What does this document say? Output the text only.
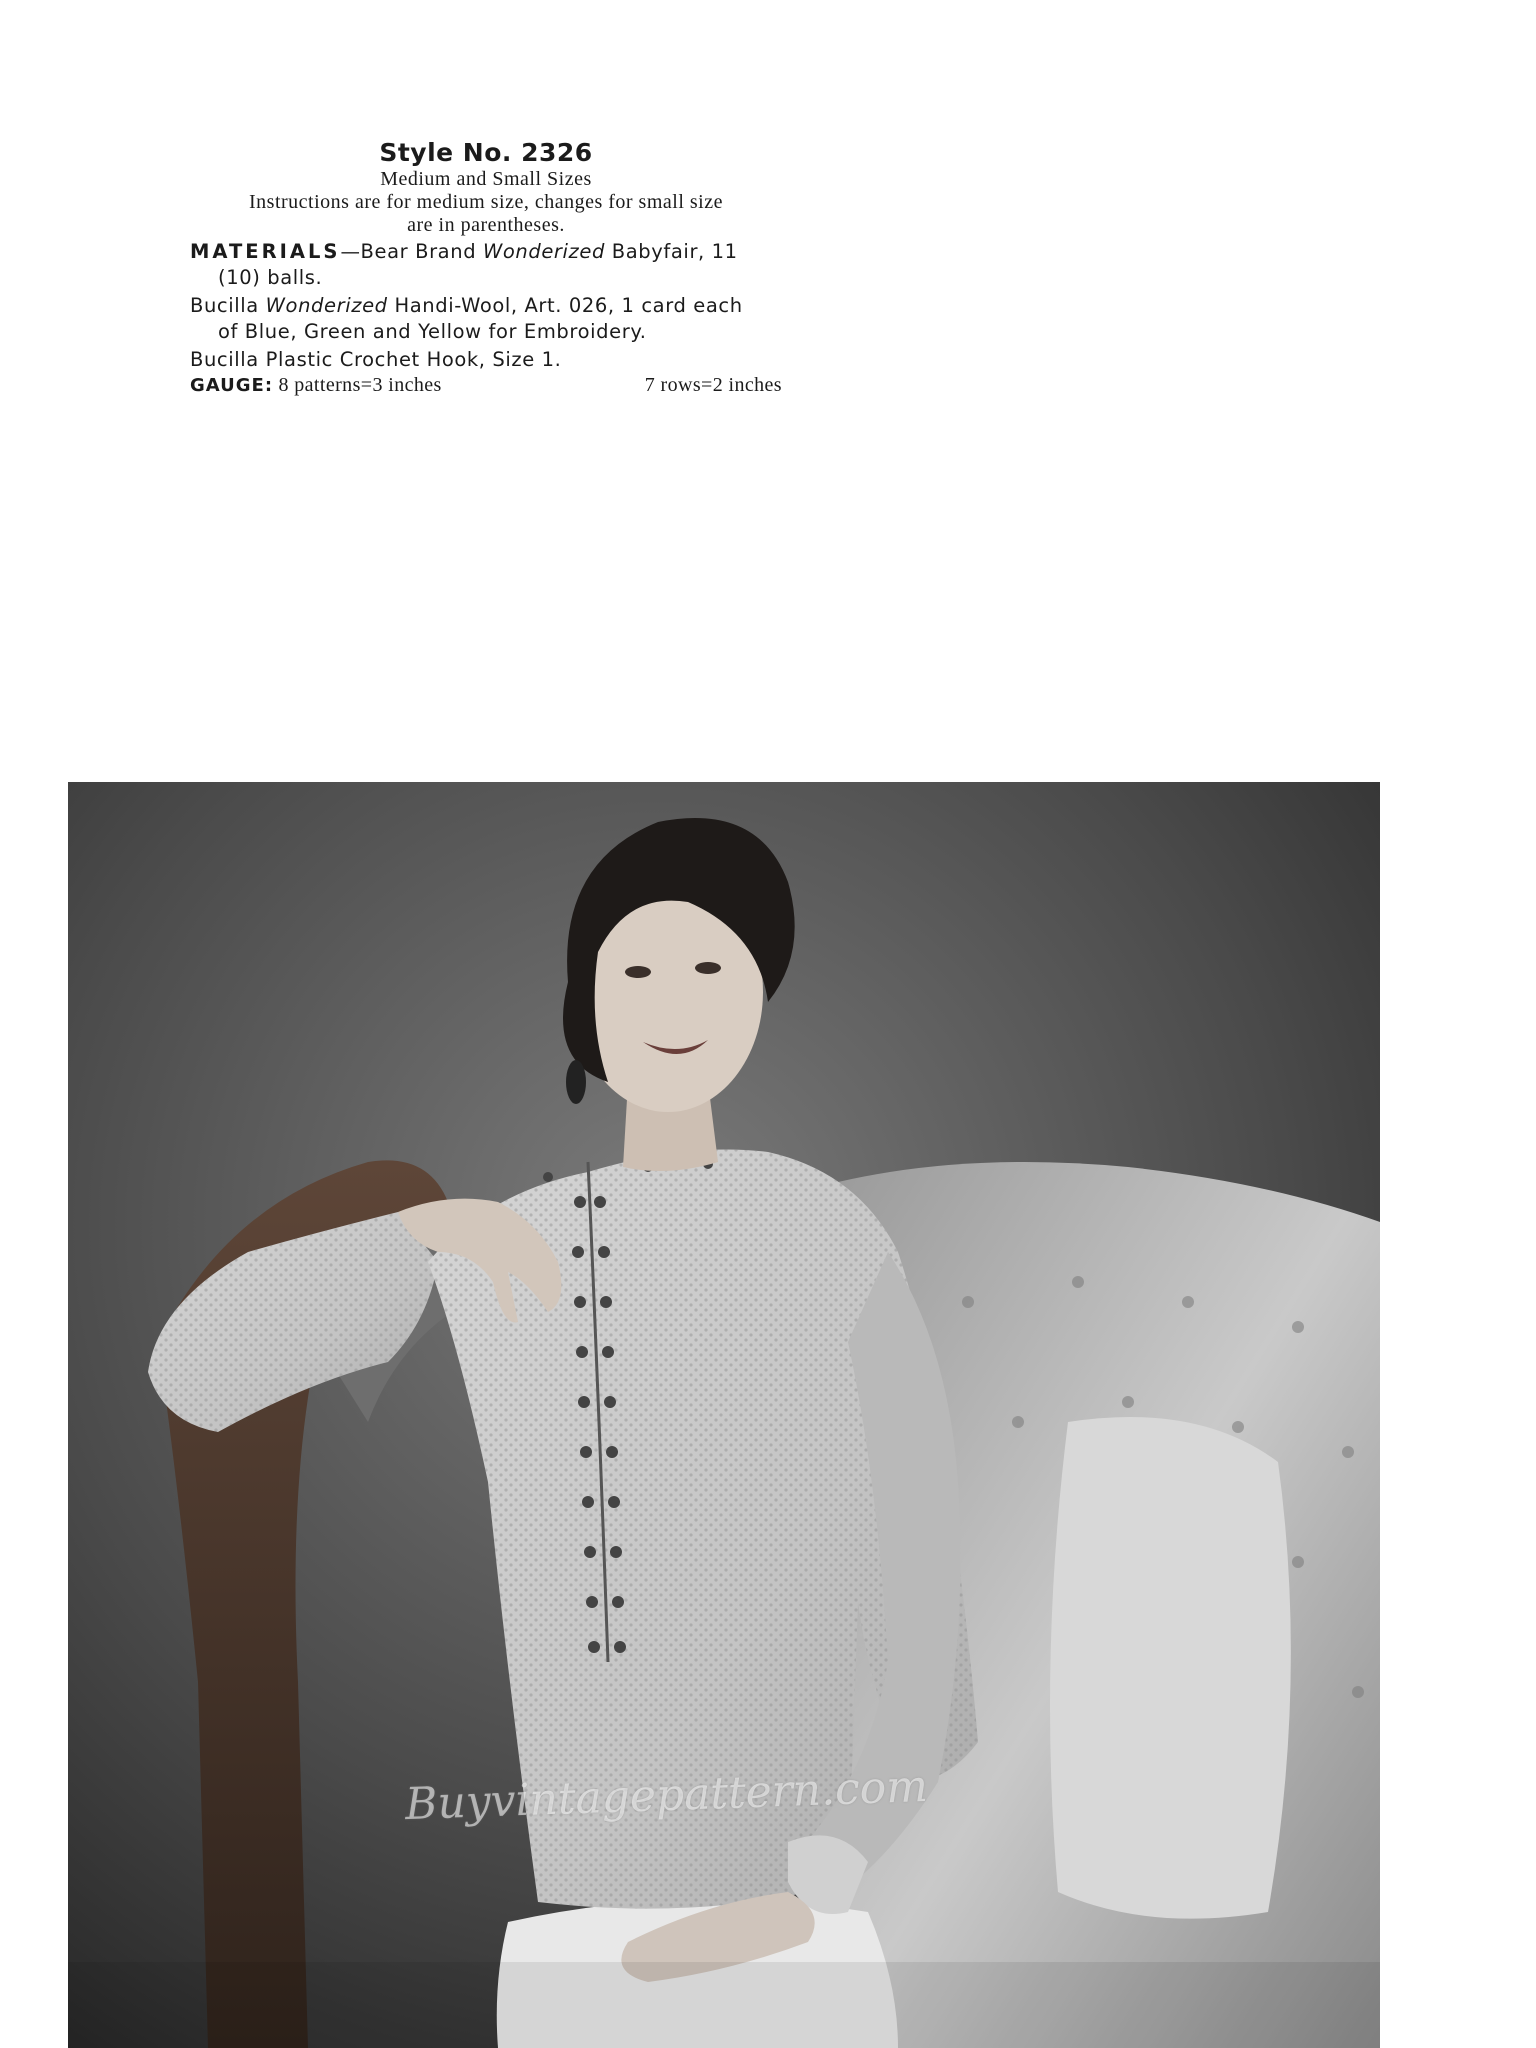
Style No. 2326
Medium and Small Sizes
Instructions are for medium size, changes for small size
are in parentheses.
MATERIALS—Bear Brand Wonderized Babyfair, 11
(10) balls.
Bucilla Wonderized Handi-Wool, Art. 026, 1 card each
of Blue, Green and Yellow for Embroidery.
Bucilla Plastic Crochet Hook, Size 1.
GAUGE: 8 patterns=3 inches	7 rows=2 inches
Buyvintagepattern.com
